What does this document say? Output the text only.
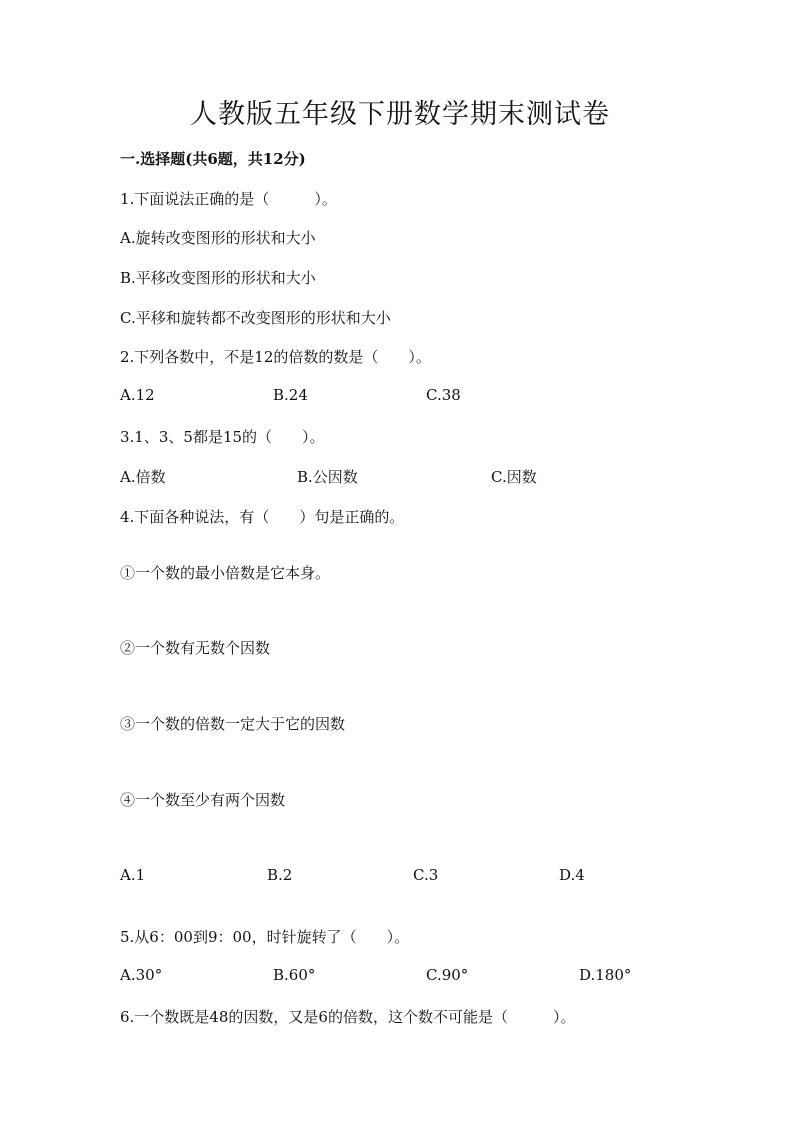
人教版五年级下册数学期末测试卷
一.选择题(共6题，共12分)
1.下面说法正确的是（　　　）。
A.旋转改变图形的形状和大小
B.平移改变图形的形状和大小
C.平移和旋转都不改变图形的形状和大小
2.下列各数中，不是12的倍数的数是（　　）。
A.12	B.24	C.38
3.1、3、5都是15的（　　）。
A.倍数	B.公因数	C.因数
4.下面各种说法，有（　　）句是正确的。
①一个数的最小倍数是它本身。
②一个数有无数个因数
③一个数的倍数一定大于它的因数
④一个数至少有两个因数
A.1	B.2	C.3	D.4
5.从6：00到9：00，时针旋转了（　　）。
A.30°	B.60°	C.90°	D.180°
6.一个数既是48的因数，又是6的倍数，这个数不可能是（　　　）。
